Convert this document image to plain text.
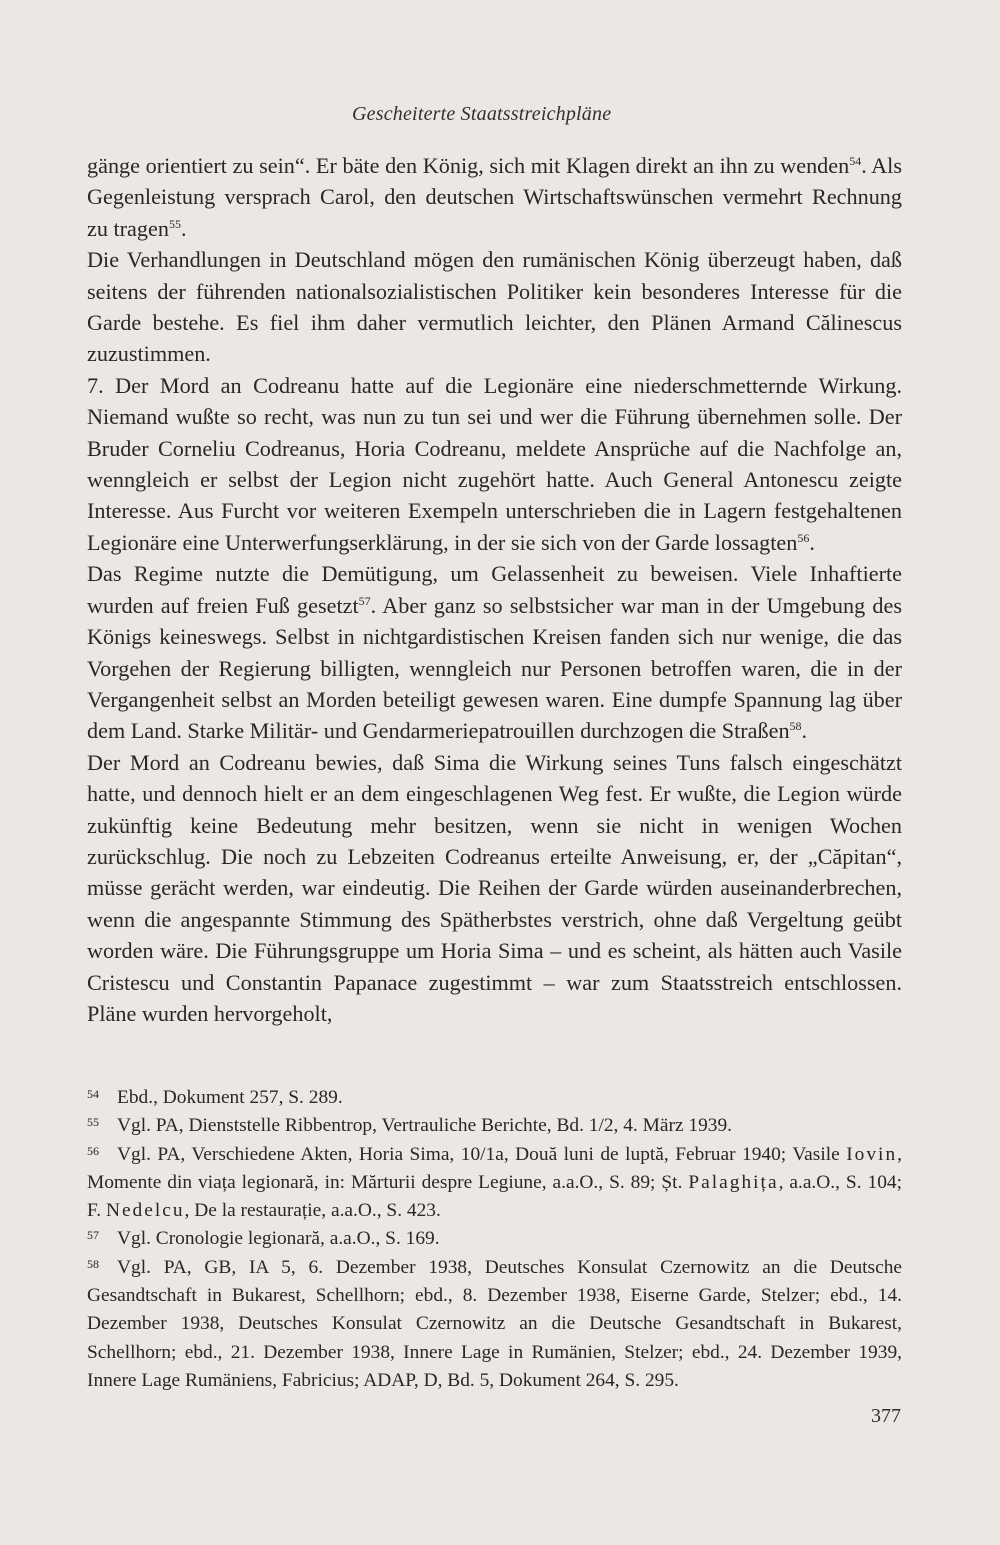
Gescheiterte Staatsstreichpläne

gänge orientiert zu sein“. Er bäte den König, sich mit Klagen direkt an ihn zu wenden$^{54}$. Als Gegenleistung versprach Carol, den deutschen Wirtschaftswünschen vermehrt Rechnung zu tragen$^{55}$.

Die Verhandlungen in Deutschland mögen den rumänischen König überzeugt haben, daß seitens der führenden nationalsozialistischen Politiker kein besonderes Interesse für die Garde bestehe. Es fiel ihm daher vermutlich leichter, den Plänen Armand Călinescus zuzustimmen.

7. Der Mord an Codreanu hatte auf die Legionäre eine niederschmetternde Wirkung. Niemand wußte so recht, was nun zu tun sei und wer die Führung übernehmen solle. Der Bruder Corneliu Codreanus, Horia Codreanu, meldete Ansprüche auf die Nachfolge an, wenngleich er selbst der Legion nicht zugehört hatte. Auch General Antonescu zeigte Interesse. Aus Furcht vor weiteren Exempeln unterschrieben die in Lagern festgehaltenen Legionäre eine Unterwerfungserklärung, in der sie sich von der Garde lossagten$^{56}$.

Das Regime nutzte die Demütigung, um Gelassenheit zu beweisen. Viele Inhaftierte wurden auf freien Fuß gesetzt$^{57}$. Aber ganz so selbstsicher war man in der Umgebung des Königs keineswegs. Selbst in nichtgardistischen Kreisen fanden sich nur wenige, die das Vorgehen der Regierung billigten, wenngleich nur Personen betroffen waren, die in der Vergangenheit selbst an Morden beteiligt gewesen waren. Eine dumpfe Spannung lag über dem Land. Starke Militär- und Gendarmeriepatrouillen durchzogen die Straßen$^{58}$.

Der Mord an Codreanu bewies, daß Sima die Wirkung seines Tuns falsch eingeschätzt hatte, und dennoch hielt er an dem eingeschlagenen Weg fest. Er wußte, die Legion würde zukünftig keine Bedeutung mehr besitzen, wenn sie nicht in wenigen Wochen zurückschlug. Die noch zu Lebzeiten Codreanus erteilte Anweisung, er, der „Căpitan“, müsse gerächt werden, war eindeutig. Die Reihen der Garde würden auseinanderbrechen, wenn die angespannte Stimmung des Spätherbstes verstrich, ohne daß Vergeltung geübt worden wäre. Die Führungsgruppe um Horia Sima – und es scheint, als hätten auch Vasile Cristescu und Constantin Papanace zugestimmt – war zum Staatsstreich entschlossen. Pläne wurden hervorgeholt,

54 Ebd., Dokument 257, S. 289.
55 Vgl. PA, Dienststelle Ribbentrop, Vertrauliche Berichte, Bd. 1/2, 4. März 1939.
56 Vgl. PA, Verschiedene Akten, Horia Sima, 10/1a, Două luni de luptă, Februar 1940; Vasile Iovin, Momente din viața legionară, in: Mărturii despre Legiune, a.a.O., S. 89; Șt. Palaghița, a.a.O., S. 104; F. Nedelcu, De la restaurație, a.a.O., S. 423.
57 Vgl. Cronologie legionară, a.a.O., S. 169.
58 Vgl. PA, GB, IA 5, 6. Dezember 1938, Deutsches Konsulat Czernowitz an die Deutsche Gesandtschaft in Bukarest, Schellhorn; ebd., 8. Dezember 1938, Eiserne Garde, Stelzer; ebd., 14. Dezember 1938, Deutsches Konsulat Czernowitz an die Deutsche Gesandtschaft in Bukarest, Schellhorn; ebd., 21. Dezember 1938, Innere Lage in Rumänien, Stelzer; ebd., 24. Dezember 1939, Innere Lage Rumäniens, Fabricius; ADAP, D, Bd. 5, Dokument 264, S. 295.
377
